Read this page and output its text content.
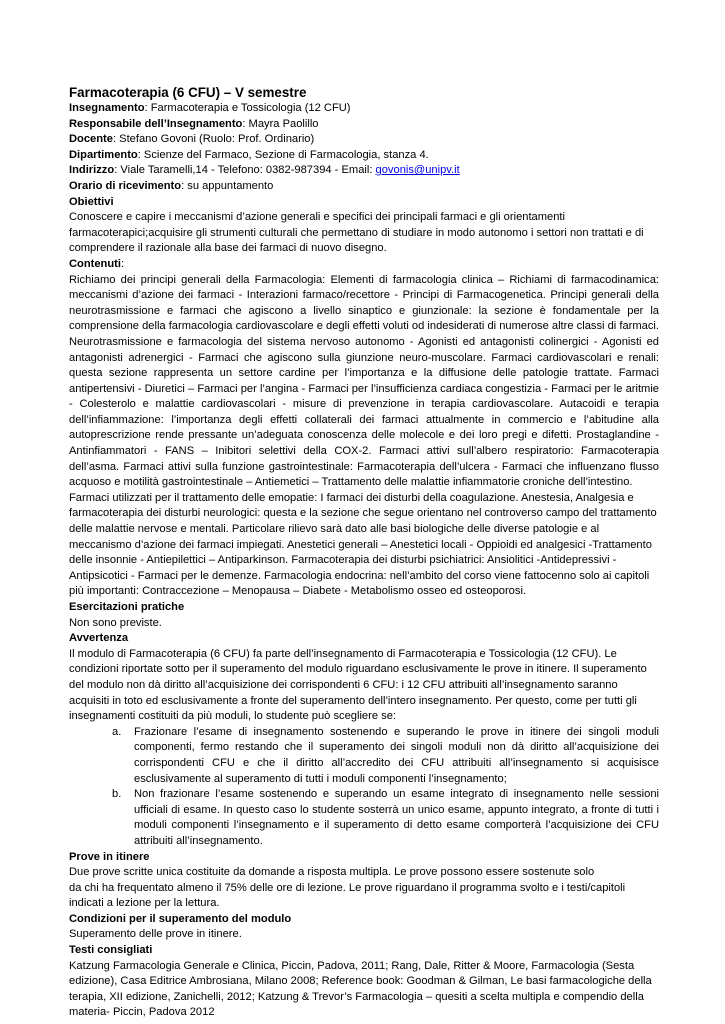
Farmacoterapia (6 CFU) – V semestre

Insegnamento: Farmacoterapia e Tossicologia (12 CFU)

Responsabile dell’Insegnamento: Mayra Paolillo

Docente: Stefano Govoni (Ruolo: Prof. Ordinario)

Dipartimento: Scienze del Farmaco, Sezione di Farmacologia, stanza 4.

Indirizzo: Viale Taramelli,14 - Telefono: 0382-987394 - Email: govonis@unipv.it

Orario di ricevimento: su appuntamento

Obiettivi

Conoscere e capire i meccanismi d’azione generali e specifici dei principali farmaci e gli orientamenti farmacoterapici;acquisire gli strumenti culturali che permettano di studiare in modo autonomo i settori non trattati e di comprendere il razionale alla base dei farmaci di nuovo disegno.

Contenuti:

Richiamo dei principi generali della Farmacologia: Elementi di farmacologia clinica – Richiami di farmacodinamica: meccanismi d’azione dei farmaci - Interazioni farmaco/recettore - Principi di Farmacogenetica. Principi generali della neurotrasmissione e farmaci che agiscono a livello sinaptico e giunzionale: la sezione è fondamentale per la comprensione della farmacologia cardiovascolare e degli effetti voluti od indesiderati di numerose altre classi di farmaci. Neurotrasmissione e farmacologia del sistema nervoso autonomo - Agonisti ed antagonisti colinergici - Agonisti ed antagonisti adrenergici - Farmaci che agiscono sulla giunzione neuro-muscolare. Farmaci cardiovascolari e renali: questa sezione rappresenta un settore cardine per l’importanza e la diffusione delle patologie trattate. Farmaci antipertensivi - Diuretici – Farmaci per l’angina - Farmaci per l’insufficienza cardiaca congestizia - Farmaci per le aritmie - Colesterolo e malattie cardiovascolari - misure di prevenzione in terapia cardiovascolare. Autacoidi e terapia dell’infiammazione: l’importanza degli effetti collaterali dei farmaci attualmente in commercio e l’abitudine alla autoprescrizione rende pressante un’adeguata conoscenza delle molecole e dei loro pregi e difetti. Prostaglandine - Antinfiammatori - FANS – Inibitori selettivi della COX-2. Farmaci attivi sull’albero respiratorio: Farmacoterapia dell’asma. Farmaci attivi sulla funzione gastrointestinale: Farmacoterapia dell’ulcera - Farmaci che influenzano flusso acquoso e motilità gastrointestinale – Antiemetici – Trattamento delle malattie infiammatorie croniche dell’intestino.

Farmaci utilizzati per il trattamento delle emopatie: I farmaci dei disturbi della coagulazione. Anestesia, Analgesia e farmacoterapia dei disturbi neurologici: questa e la sezione che segue orientano nel controverso campo del trattamento delle malattie nervose e mentali. Particolare rilievo sarà dato alle basi biologiche delle diverse patologie e al meccanismo d’azione dei farmaci impiegati. Anestetici generali – Anestetici locali - Oppioidi ed analgesici -Trattamento delle insonnie - Antiepilettici – Antiparkinson. Farmacoterapia dei disturbi psichiatrici: Ansiolitici -Antidepressivi - Antipsicotici - Farmaci per le demenze. Farmacologia endocrina: nell’ambito del corso viene fattocenno solo ai capitoli più importanti: Contraccezione – Menopausa – Diabete - Metabolismo osseo ed osteoporosi.

Esercitazioni pratiche

Non sono previste.

Avvertenza

Il modulo di Farmacoterapia (6 CFU) fa parte dell’insegnamento di Farmacoterapia e Tossicologia (12 CFU). Le condizioni riportate sotto per il superamento del modulo riguardano esclusivamente le prove in itinere. Il superamento del modulo non dà diritto all’acquisizione dei corrispondenti 6 CFU: i 12 CFU attribuiti all’insegnamento saranno acquisiti in toto ed esclusivamente a fronte del superamento dell’intero insegnamento. Per questo, come per tutti gli insegnamenti costituiti da più moduli, lo studente può scegliere se:

a. Frazionare l’esame di insegnamento sostenendo e superando le prove in itinere dei singoli moduli componenti, fermo restando che il superamento dei singoli moduli non dà diritto all’acquisizione dei corrispondenti CFU e che il diritto all’accredito dei CFU attribuiti all’insegnamento si acquisisce esclusivamente al superamento di tutti i moduli componenti l’insegnamento;
b. Non frazionare l’esame sostenendo e superando un esame integrato di insegnamento nelle sessioni ufficiali di esame. In questo caso lo studente sosterrà un unico esame, appunto integrato, a fronte di tutti i moduli componenti l’insegnamento e il superamento di detto esame comporterà l’acquisizione dei CFU attribuiti all’insegnamento.

Prove in itinere

Due prove scritte unica costituite da domande a risposta multipla. Le prove possono essere sostenute solo

da chi ha frequentato almeno il 75% delle ore di lezione. Le prove riguardano il programma svolto e i testi/capitoli indicati a lezione per la lettura.

Condizioni per il superamento del modulo

Superamento delle prove in itinere.

Testi consigliati

Katzung Farmacologia Generale e Clinica, Piccin, Padova, 2011; Rang, Dale, Ritter & Moore, Farmacologia (Sesta edizione), Casa Editrice Ambrosiana, Milano 2008; Reference book: Goodman & Gilman, Le basi farmacologiche della terapia, XII edizione, Zanichelli, 2012; Katzung & Trevor’s Farmacologia – quesiti a scelta multipla e compendio della materia- Piccin, Padova 2012
